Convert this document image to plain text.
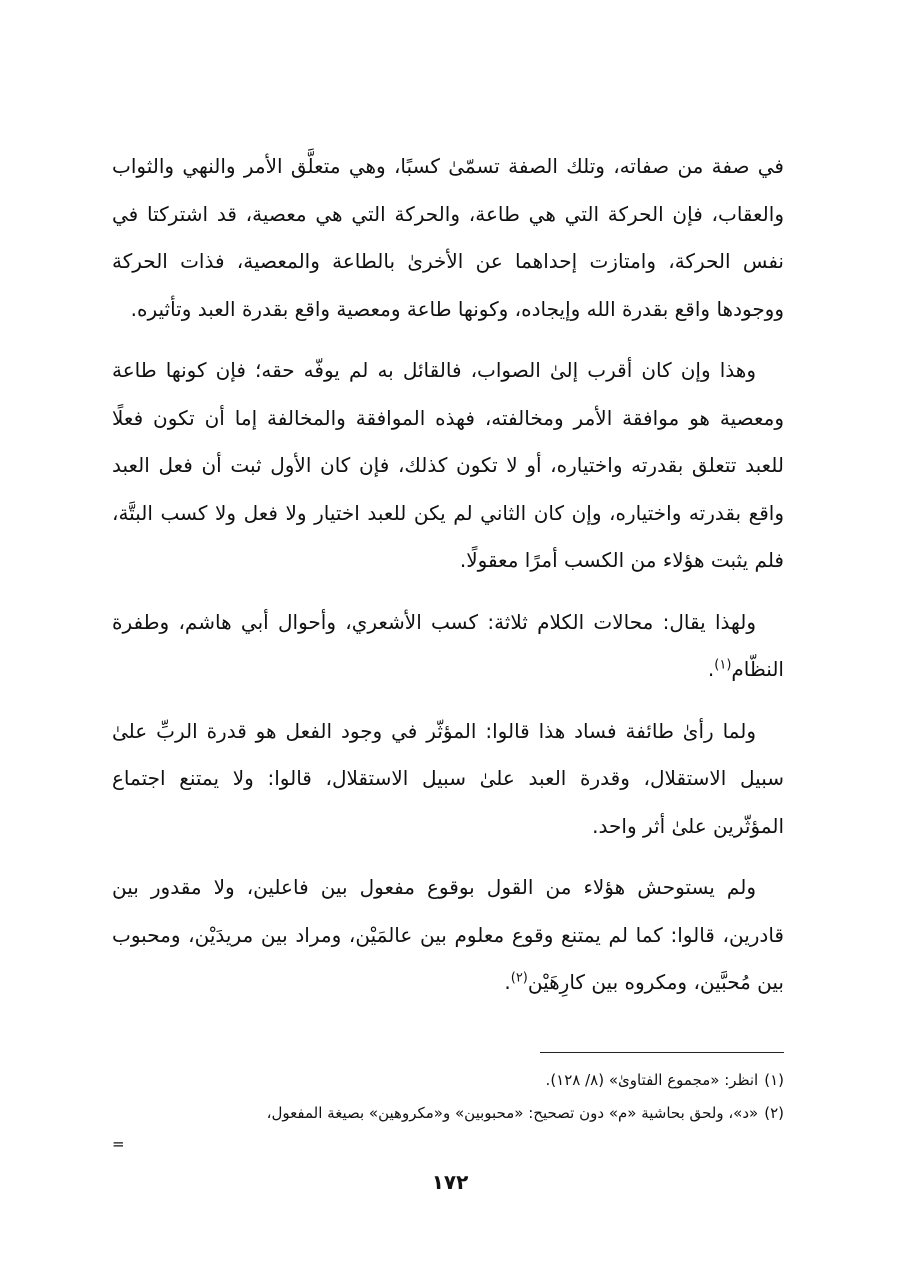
في صفة من صفاته، وتلك الصفة تسمّىٰ كسبًا، وهي متعلَّق الأمر والنهي والثواب والعقاب، فإن الحركة التي هي طاعة، والحركة التي هي معصية، قد اشتركتا في نفس الحركة، وامتازت إحداهما عن الأخرىٰ بالطاعة والمعصية، فذات الحركة ووجودها واقع بقدرة الله وإيجاده، وكونها طاعة ومعصية واقع بقدرة العبد وتأثيره.

وهذا وإن كان أقرب إلىٰ الصواب، فالقائل به لم يوفّه حقه؛ فإن كونها طاعة ومعصية هو موافقة الأمر ومخالفته، فهذه الموافقة والمخالفة إما أن تكون فعلًا للعبد تتعلق بقدرته واختياره، أو لا تكون كذلك، فإن كان الأول ثبت أن فعل العبد واقع بقدرته واختياره، وإن كان الثاني لم يكن للعبد اختيار ولا فعل ولا كسب البتَّة، فلم يثبت هؤلاء من الكسب أمرًا معقولًا.

ولهذا يقال: محالات الكلام ثلاثة: كسب الأشعري، وأحوال أبي هاشم، وطفرة النظّام$^{(١)}$.

ولما رأىٰ طائفة فساد هذا قالوا: المؤثّر في وجود الفعل هو قدرة الربِّ علىٰ سبيل الاستقلال، وقدرة العبد علىٰ سبيل الاستقلال، قالوا: ولا يمتنع اجتماع المؤثّرين علىٰ أثر واحد.

ولم يستوحش هؤلاء من القول بوقوع مفعول بين فاعلين، ولا مقدور بين قادرين، قالوا: كما لم يمتنع وقوع معلوم بين عالمَيْن، ومراد بين مريدَيْن، ومحبوب بين مُحبَّين، ومكروه بين كارِهَيْن$^{(٢)}$.

(١)انظر: «مجموع الفتاوىٰ» (٨/ ١٢٨).
(٢)«د»، ولحق بحاشية «م» دون تصحيح: «محبوبين» و«مكروهين» بصيغة المفعول،
=
١٧٢
